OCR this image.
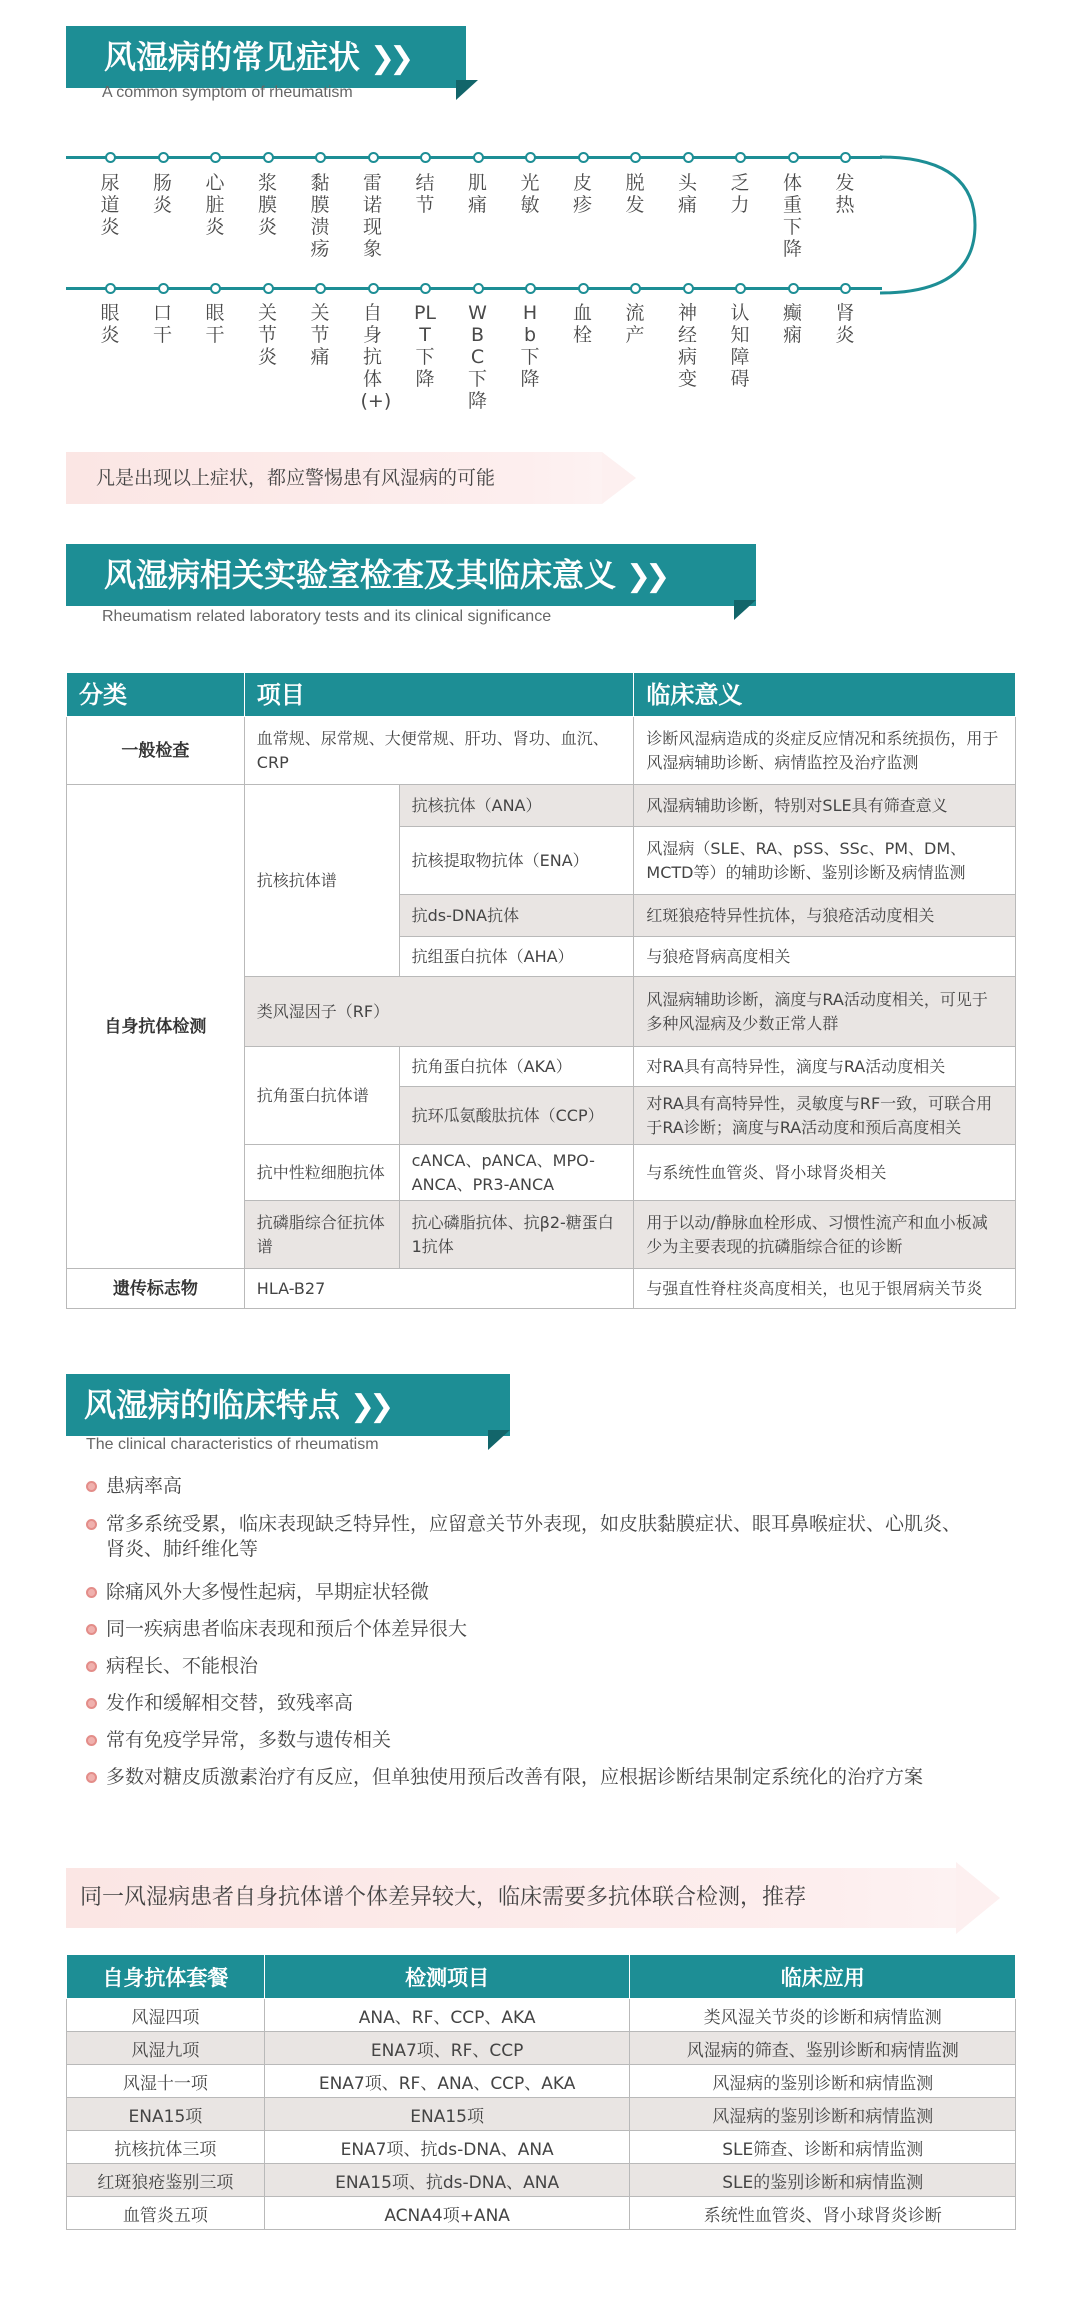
风湿病的常见症状 ❯❯
A common symptom of rheumatism
尿道炎
肠炎
心脏炎
浆膜炎
黏膜溃疡
雷诺现象
结节
肌痛
光敏
皮疹
脱发
头痛
乏力
体重下降
发热
眼炎
口干
眼干
关节炎
关节痛
自身抗体(+)
PLT下降
WBC下降
Hb下降
血栓
流产
神经病变
认知障碍
癫痫
肾炎
凡是出现以上症状，都应警惕患有风湿病的可能
风湿病相关实验室检查及其临床意义 ❯❯
Rheumatism related laboratory tests and its clinical significance
分类	项目		临床意义
一般检查	血常规、尿常规、大便常规、肝功、肾功、血沉、CRP		诊断风湿病造成的炎症反应情况和系统损伤，用于风湿病辅助诊断、病情监控及治疗监测
自身抗体检测	抗核抗体谱	抗核抗体（ANA）	风湿病辅助诊断，特别对SLE具有筛查意义
		抗核提取物抗体（ENA）	风湿病（SLE、RA、pSS、SSc、PM、DM、MCTD等）的辅助诊断、鉴别诊断及病情监测
		抗ds-DNA抗体	红斑狼疮特异性抗体，与狼疮活动度相关
		抗组蛋白抗体（AHA）	与狼疮肾病高度相关
	类风湿因子（RF）		风湿病辅助诊断，滴度与RA活动度相关，可见于多种风湿病及少数正常人群
	抗角蛋白抗体谱	抗角蛋白抗体（AKA）	对RA具有高特异性，滴度与RA活动度相关
		抗环瓜氨酸肽抗体（CCP）	对RA具有高特异性，灵敏度与RF一致，可联合用于RA诊断；滴度与RA活动度和预后高度相关
	抗中性粒细胞抗体	cANCA、pANCA、MPO-ANCA、PR3-ANCA	与系统性血管炎、肾小球肾炎相关
	抗磷脂综合征抗体谱	抗心磷脂抗体、抗β2-糖蛋白1抗体	用于以动/静脉血栓形成、习惯性流产和血小板减少为主要表现的抗磷脂综合征的诊断

遗传标志物	HLA-B27		与强直性脊柱炎高度相关，也见于银屑病关节炎
风湿病的临床特点 ❯❯
The clinical characteristics of rheumatism
患病率高
常多系统受累，临床表现缺乏特异性，应留意关节外表现，如皮肤黏膜症状、眼耳鼻喉症状、心肌炎、肾炎、肺纤维化等
除痛风外大多慢性起病，早期症状轻微
同一疾病患者临床表现和预后个体差异很大
病程长、不能根治
发作和缓解相交替，致残率高
常有免疫学异常，多数与遗传相关
多数对糖皮质激素治疗有反应，但单独使用预后改善有限，应根据诊断结果制定系统化的治疗方案
同一风湿病患者自身抗体谱个体差异较大，临床需要多抗体联合检测，推荐
自身抗体套餐	检测项目	临床应用
风湿四项	ANA、RF、CCP、AKA	类风湿关节炎的诊断和病情监测
风湿九项	ENA7项、RF、CCP	风湿病的筛查、鉴别诊断和病情监测
风湿十一项	ENA7项、RF、ANA、CCP、AKA	风湿病的鉴别诊断和病情监测
ENA15项	ENA15项	风湿病的鉴别诊断和病情监测
抗核抗体三项	ENA7项、抗ds-DNA、ANA	SLE筛查、诊断和病情监测
红斑狼疮鉴别三项	ENA15项、抗ds-DNA、ANA	SLE的鉴别诊断和病情监测
血管炎五项	ACNA4项+ANA	系统性血管炎、肾小球肾炎诊断
